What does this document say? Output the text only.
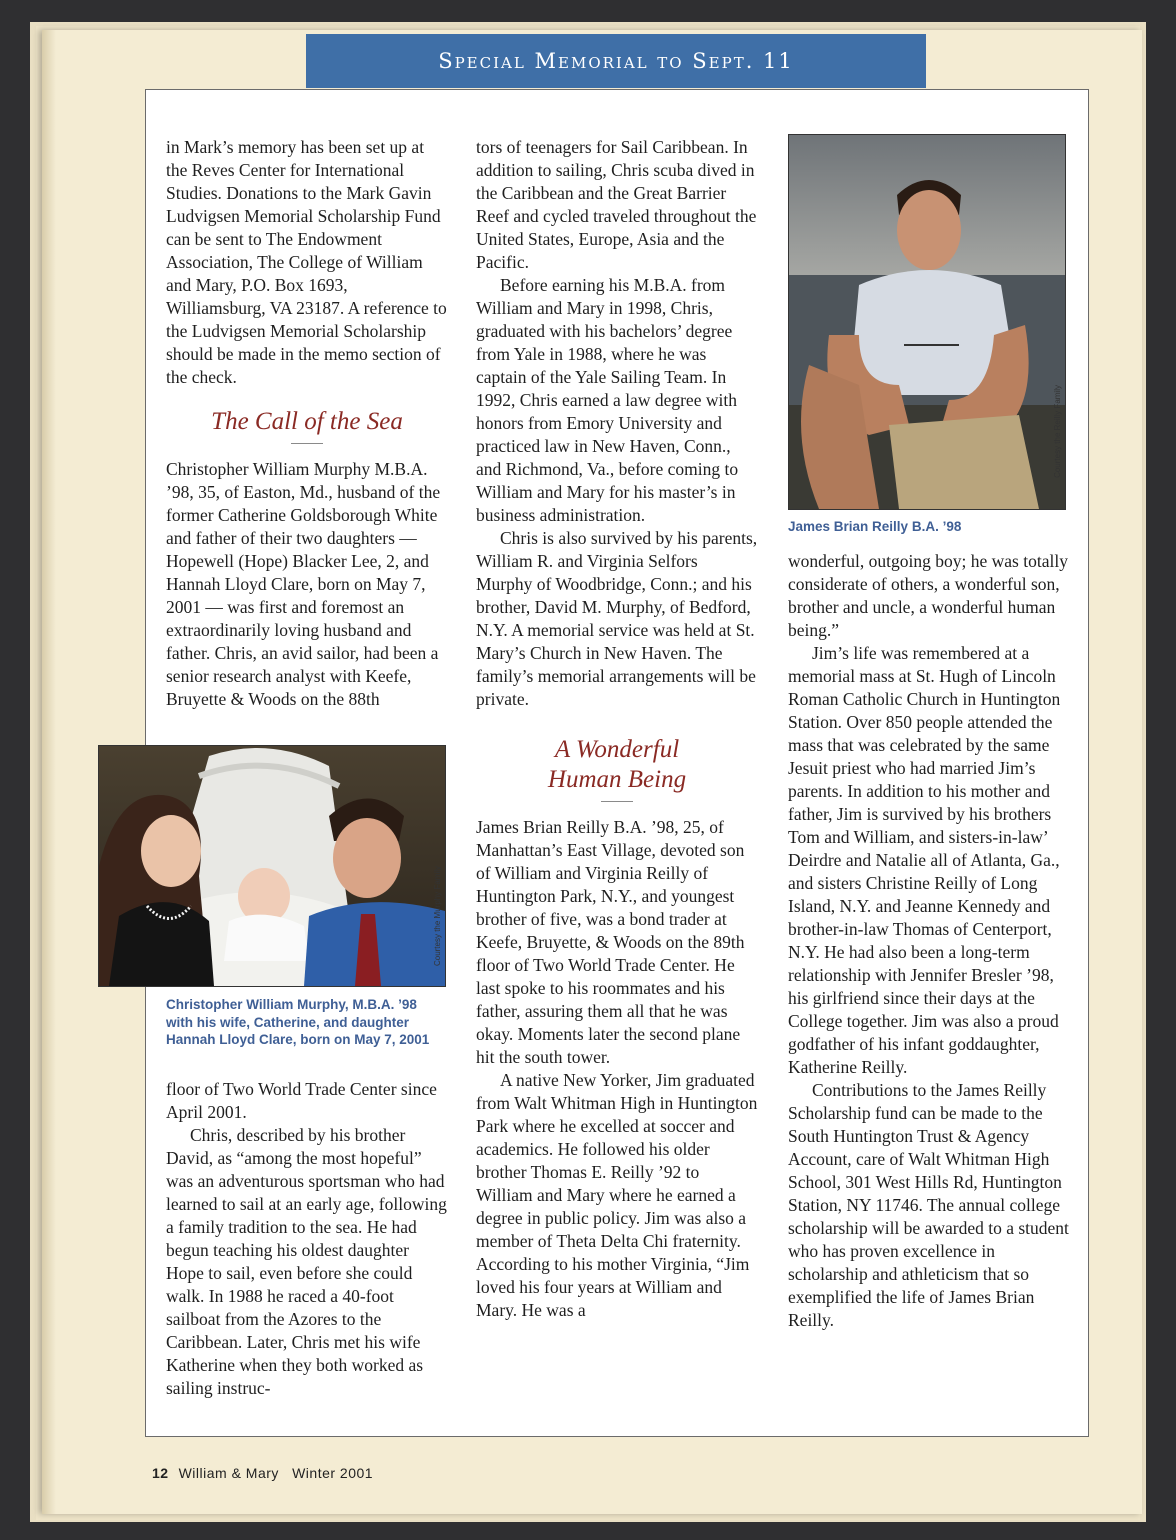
Special Memorial to Sept. 11

in Mark’s memory has been set up at the Reves Center for International Studies. Donations to the Mark Gavin Ludvigsen Memorial Scholarship Fund can be sent to The Endowment Association, The College of William and Mary, P.O. Box 1693, Williamsburg, VA 23187. A reference to the Ludvigsen Memorial Scholarship should be made in the memo section of the check.

The Call of the Sea

Christopher William Murphy M.B.A. ’98, 35, of Easton, Md., husband of the former Catherine Goldsborough White and father of their two daughters — Hopewell (Hope) Blacker Lee, 2, and Hannah Lloyd Clare, born on May 7, 2001 — was first and foremost an extraordinarily loving husband and father. Chris, an avid sailor, had been a senior research analyst with Keefe, Bruyette & Woods on the 88th

Courtesy the Murphy Family
Christopher William Murphy, M.B.A. ’98 with his wife, Catherine, and daughter Hannah Lloyd Clare, born on May 7, 2001

floor of Two World Trade Center since April 2001.

Chris, described by his brother David, as “among the most hopeful” was an adventurous sportsman who had learned to sail at an early age, following a family tradition to the sea. He had begun teaching his oldest daughter Hope to sail, even before she could walk. In 1988 he raced a 40-foot sailboat from the Azores to the Caribbean. Later, Chris met his wife Katherine when they both worked as sailing instruc-

tors of teenagers for Sail Caribbean. In addition to sailing, Chris scuba dived in the Caribbean and the Great Barrier Reef and cycled traveled throughout the United States, Europe, Asia and the Pacific.

Before earning his M.B.A. from William and Mary in 1998, Chris, graduated with his bachelors’ degree from Yale in 1988, where he was captain of the Yale Sailing Team. In 1992, Chris earned a law degree with honors from Emory University and practiced law in New Haven, Conn., and Richmond, Va., before coming to William and Mary for his master’s in business administration.

Chris is also survived by his parents, William R. and Virginia Selfors Murphy of Woodbridge, Conn.; and his brother, David M. Murphy, of Bedford, N.Y. A memorial service was held at St. Mary’s Church in New Haven. The family’s memorial arrangements will be private.

A Wonderful
Human Being

James Brian Reilly B.A. ’98, 25, of Manhattan’s East Village, devoted son of William and Virginia Reilly of Huntington Park, N.Y., and youngest brother of five, was a bond trader at Keefe, Bruyette, & Woods on the 89th floor of Two World Trade Center. He last spoke to his roommates and his father, assuring them all that he was okay. Moments later the second plane hit the south tower.

A native New Yorker, Jim graduated from Walt Whitman High in Huntington Park where he excelled at soccer and academics. He followed his older brother Thomas E. Reilly ’92 to William and Mary where he earned a degree in public policy. Jim was also a member of Theta Delta Chi fraternity. According to his mother Virginia, “Jim loved his four years at William and Mary. He was a

Courtesy the Reilly Family
James Brian Reilly B.A. ’98

wonderful, outgoing boy; he was totally considerate of others, a wonderful son, brother and uncle, a wonderful human being.”

Jim’s life was remembered at a memorial mass at St. Hugh of Lincoln Roman Catholic Church in Huntington Station. Over 850 people attended the mass that was celebrated by the same Jesuit priest who had married Jim’s parents. In addition to his mother and father, Jim is survived by his brothers Tom and William, and sisters-in-law’ Deirdre and Natalie all of Atlanta, Ga., and sisters Christine Reilly of Long Island, N.Y. and Jeanne Kennedy and brother-in-law Thomas of Centerport, N.Y. He had also been a long-term relationship with Jennifer Bresler ’98, his girlfriend since their days at the College together. Jim was also a proud godfather of his infant goddaughter, Katherine Reilly.

Contributions to the James Reilly Scholarship fund can be made to the South Huntington Trust & Agency Account, care of Walt Whitman High School, 301 West Hills Rd, Huntington Station, NY 11746. The annual college scholarship will be awarded to a student who has proven excellence in scholarship and athleticism that so exemplified the life of James Brian Reilly.

12 William & Mary Winter 2001
